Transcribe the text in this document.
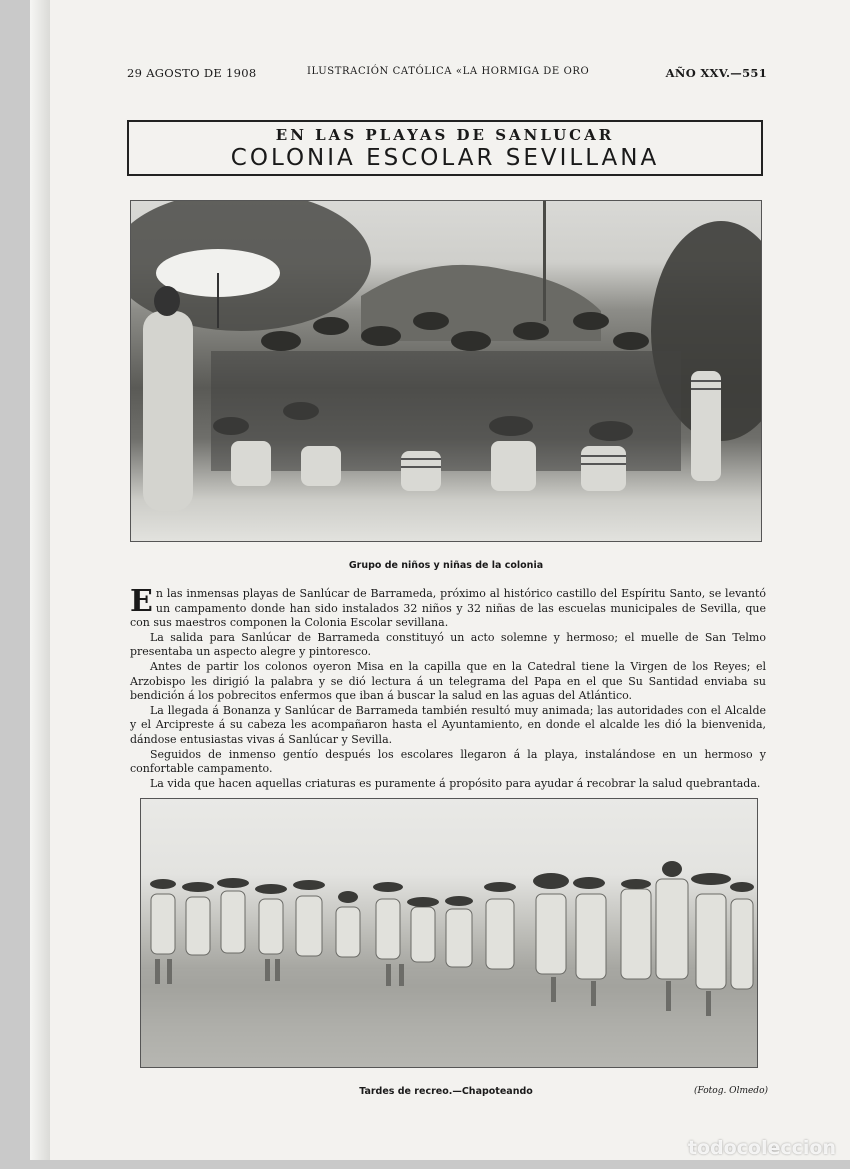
29 AGOSTO DE 1908	ILUSTRACIÓN CATÓLICA «LA HORMIGA DE ORO	AÑO XXV.—551
EN LAS PLAYAS DE SANLUCAR
COLONIA ESCOLAR SEVILLANA
Grupo de niños y niñas de la colonia

En las inmensas playas de Sanlúcar de Barrameda, próximo al histórico castillo del Espíritu Santo, se levantó un campamento donde han sido instalados 32 niños y 32 niñas de las escuelas municipales de Sevilla, que con sus maestros componen la Colonia Escolar sevillana.

La salida para Sanlúcar de Barrameda constituyó un acto solemne y hermoso; el muelle de San Telmo presentaba un aspecto alegre y pintoresco.

Antes de partir los colonos oyeron Misa en la capilla que en la Catedral tiene la Virgen de los Reyes; el Arzobispo les dirigió la palabra y se dió lectura á un telegrama del Papa en el que Su Santidad enviaba su bendición á los pobrecitos enfermos que iban á buscar la salud en las aguas del Atlántico.

La llegada á Bonanza y Sanlúcar de Barrameda también resultó muy animada; las autoridades con el Alcalde y el Arcipreste á su cabeza les acompañaron hasta el Ayuntamiento, en donde el alcalde les dió la bienvenida, dándose entusiastas vivas á Sanlúcar y Sevilla.

Seguidos de inmenso gentío después los escolares llegaron á la playa, instalándose en un hermoso y confortable campamento.

La vida que hacen aquellas criaturas es puramente á propósito para ayudar á recobrar la salud quebrantada.

Tardes de recreo.—Chapoteando	(Fotog. Olmedo)
todocoleccion
